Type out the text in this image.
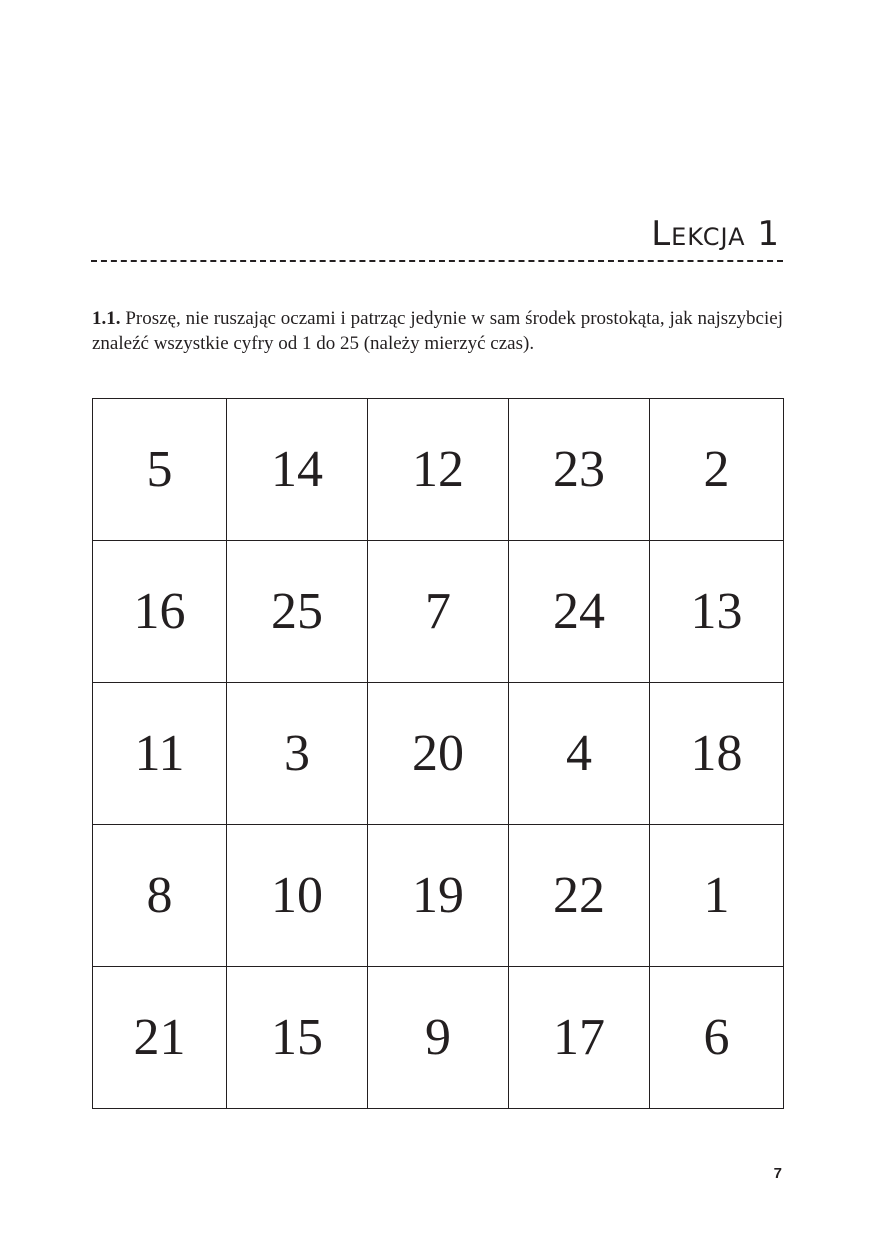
Lekcja 1

1.1. Proszę, nie ruszając oczami i patrząc jedynie w sam środek prostokąta, jak najszybciej znaleźć wszystkie cyfry od 1 do 25 (należy mierzyć czas).

5	14	12	23	2
16	25	7	24	13
11	3	20	4	18
8	10	19	22	1
21	15	9	17	6

7
